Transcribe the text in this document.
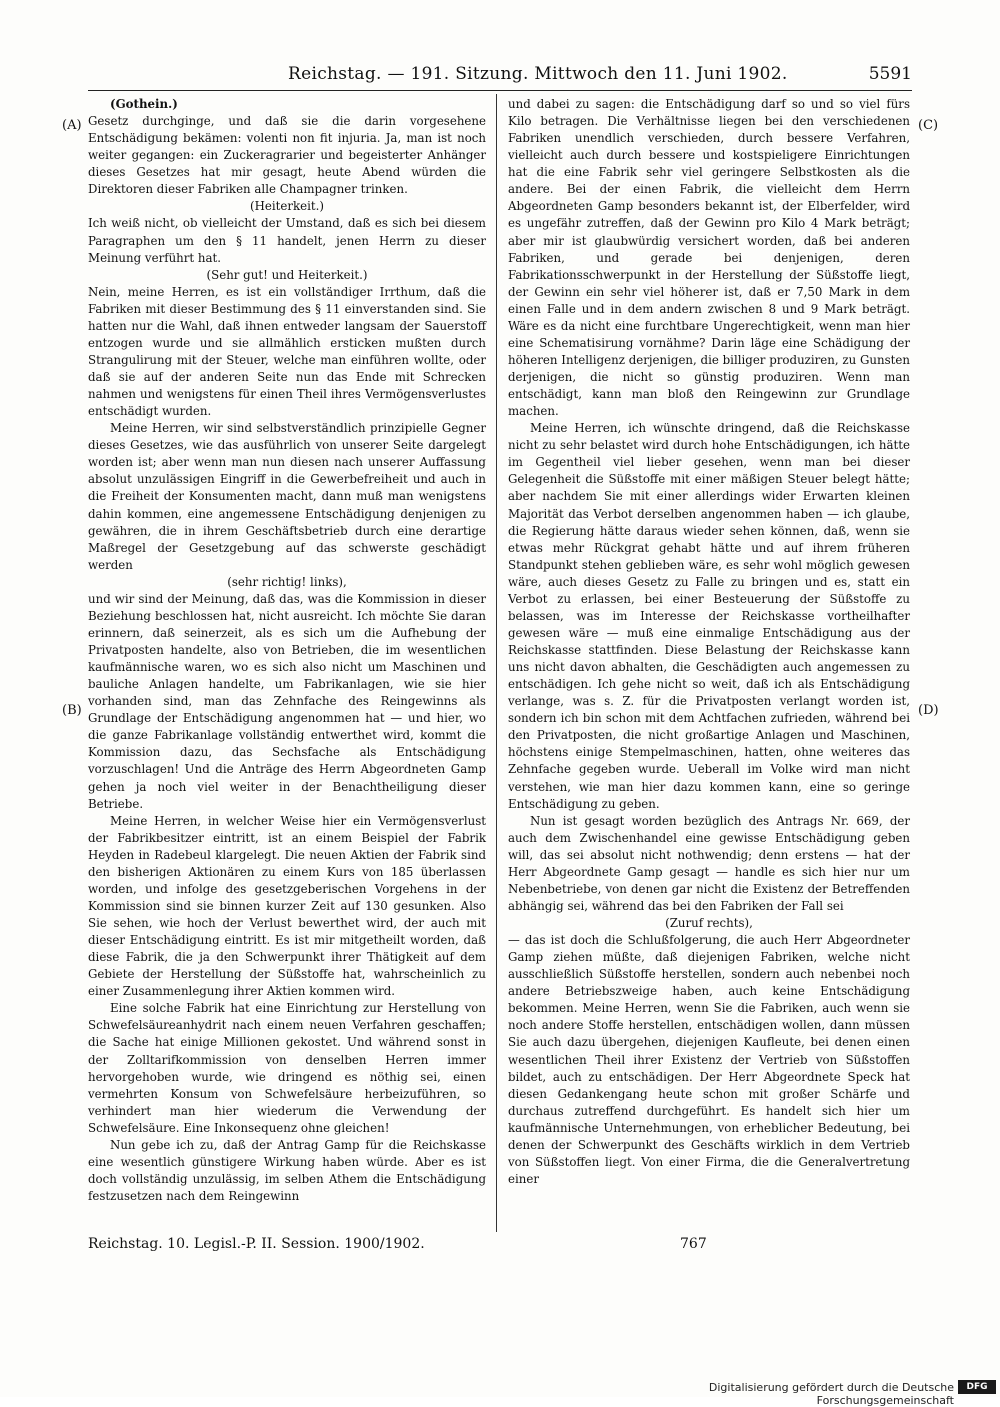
Reichstag. — 191. Sitzung. Mittwoch den 11. Juni 1902.	5591
(A)
(B)
(C)
(D)

(Gothein.)

Gesetz durchginge, und daß sie die darin vorgesehene Entschädigung bekämen: volenti non fit injuria. Ja, man ist noch weiter gegangen: ein Zuckeragrarier und begeisterter Anhänger dieses Gesetzes hat mir gesagt, heute Abend würden die Direktoren dieser Fabriken alle Champagner trinken.

(Heiterkeit.)

Ich weiß nicht, ob vielleicht der Umstand, daß es sich bei diesem Paragraphen um den § 11 handelt, jenen Herrn zu dieser Meinung verführt hat.

(Sehr gut! und Heiterkeit.)

Nein, meine Herren, es ist ein vollständiger Irrthum, daß die Fabriken mit dieser Bestimmung des § 11 einverstanden sind. Sie hatten nur die Wahl, daß ihnen entweder langsam der Sauerstoff entzogen wurde und sie allmählich ersticken mußten durch Strangulirung mit der Steuer, welche man einführen wollte, oder daß sie auf der anderen Seite nun das Ende mit Schrecken nahmen und wenigstens für einen Theil ihres Vermögensverlustes entschädigt wurden.

Meine Herren, wir sind selbstverständlich prinzipielle Gegner dieses Gesetzes, wie das ausführlich von unserer Seite dargelegt worden ist; aber wenn man nun diesen nach unserer Auffassung absolut unzulässigen Eingriff in die Gewerbefreiheit und auch in die Freiheit der Konsumenten macht, dann muß man wenigstens dahin kommen, eine angemessene Entschädigung denjenigen zu gewähren, die in ihrem Geschäftsbetrieb durch eine derartige Maßregel der Gesetzgebung auf das schwerste geschädigt werden

(sehr richtig! links),

und wir sind der Meinung, daß das, was die Kommission in dieser Beziehung beschlossen hat, nicht ausreicht. Ich möchte Sie daran erinnern, daß seinerzeit, als es sich um die Aufhebung der Privatposten handelte, also von Betrieben, die im wesentlichen kaufmännische waren, wo es sich also nicht um Maschinen und bauliche Anlagen handelte, um Fabrikanlagen, wie sie hier vorhanden sind, man das Zehnfache des Reingewinns als Grundlage der Entschädigung angenommen hat — und hier, wo die ganze Fabrikanlage vollständig entwerthet wird, kommt die Kommission dazu, das Sechsfache als Entschädigung vorzuschlagen! Und die Anträge des Herrn Abgeordneten Gamp gehen ja noch viel weiter in der Benachtheiligung dieser Betriebe.

Meine Herren, in welcher Weise hier ein Vermögensverlust der Fabrikbesitzer eintritt, ist an einem Beispiel der Fabrik Heyden in Radebeul klargelegt. Die neuen Aktien der Fabrik sind den bisherigen Aktionären zu einem Kurs von 185 überlassen worden, und infolge des gesetzgeberischen Vorgehens in der Kommission sind sie binnen kurzer Zeit auf 130 gesunken. Also Sie sehen, wie hoch der Verlust bewerthet wird, der auch mit dieser Entschädigung eintritt. Es ist mir mitgetheilt worden, daß diese Fabrik, die ja den Schwerpunkt ihrer Thätigkeit auf dem Gebiete der Herstellung der Süßstoffe hat, wahrscheinlich zu einer Zusammenlegung ihrer Aktien kommen wird.

Eine solche Fabrik hat eine Einrichtung zur Herstellung von Schwefelsäureanhydrit nach einem neuen Verfahren geschaffen; die Sache hat einige Millionen gekostet. Und während sonst in der Zolltarifkommission von denselben Herren immer hervorgehoben wurde, wie dringend es nöthig sei, einen vermehrten Konsum von Schwefelsäure herbeizuführen, so verhindert man hier wiederum die Verwendung der Schwefelsäure. Eine Inkonsequenz ohne gleichen!

Nun gebe ich zu, daß der Antrag Gamp für die Reichskasse eine wesentlich günstigere Wirkung haben würde. Aber es ist doch vollständig unzulässig, im selben Athem die Entschädigung festzusetzen nach dem Reingewinn

und dabei zu sagen: die Entschädigung darf so und so viel fürs Kilo betragen. Die Verhältnisse liegen bei den verschiedenen Fabriken unendlich verschieden, durch bessere Verfahren, vielleicht auch durch bessere und kostspieligere Einrichtungen hat die eine Fabrik sehr viel geringere Selbstkosten als die andere. Bei der einen Fabrik, die vielleicht dem Herrn Abgeordneten Gamp besonders bekannt ist, der Elberfelder, wird es ungefähr zutreffen, daß der Gewinn pro Kilo 4 Mark beträgt; aber mir ist glaubwürdig versichert worden, daß bei anderen Fabriken, und gerade bei denjenigen, deren Fabrikationsschwerpunkt in der Herstellung der Süßstoffe liegt, der Gewinn ein sehr viel höherer ist, daß er 7,50 Mark in dem einen Falle und in dem andern zwischen 8 und 9 Mark beträgt. Wäre es da nicht eine furchtbare Ungerechtigkeit, wenn man hier eine Schematisirung vornähme? Darin läge eine Schädigung der höheren Intelligenz derjenigen, die billiger produziren, zu Gunsten derjenigen, die nicht so günstig produziren. Wenn man entschädigt, kann man bloß den Reingewinn zur Grundlage machen.

Meine Herren, ich wünschte dringend, daß die Reichskasse nicht zu sehr belastet wird durch hohe Entschädigungen, ich hätte im Gegentheil viel lieber gesehen, wenn man bei dieser Gelegenheit die Süßstoffe mit einer mäßigen Steuer belegt hätte; aber nachdem Sie mit einer allerdings wider Erwarten kleinen Majorität das Verbot derselben angenommen haben — ich glaube, die Regierung hätte daraus wieder sehen können, daß, wenn sie etwas mehr Rückgrat gehabt hätte und auf ihrem früheren Standpunkt stehen geblieben wäre, es sehr wohl möglich gewesen wäre, auch dieses Gesetz zu Falle zu bringen und es, statt ein Verbot zu erlassen, bei einer Besteuerung der Süßstoffe zu belassen, was im Interesse der Reichskasse vortheilhafter gewesen wäre — muß eine einmalige Entschädigung aus der Reichskasse stattfinden. Diese Belastung der Reichskasse kann uns nicht davon abhalten, die Geschädigten auch angemessen zu entschädigen. Ich gehe nicht so weit, daß ich als Entschädigung verlange, was s. Z. für die Privatposten verlangt worden ist, sondern ich bin schon mit dem Achtfachen zufrieden, während bei den Privatposten, die nicht großartige Anlagen und Maschinen, höchstens einige Stempelmaschinen, hatten, ohne weiteres das Zehnfache gegeben wurde. Ueberall im Volke wird man nicht verstehen, wie man hier dazu kommen kann, eine so geringe Entschädigung zu geben.

Nun ist gesagt worden bezüglich des Antrags Nr. 669, der auch dem Zwischenhandel eine gewisse Entschädigung geben will, das sei absolut nicht nothwendig; denn erstens — hat der Herr Abgeordnete Gamp gesagt — handle es sich hier nur um Nebenbetriebe, von denen gar nicht die Existenz der Betreffenden abhängig sei, während das bei den Fabriken der Fall sei

(Zuruf rechts),

— das ist doch die Schlußfolgerung, die auch Herr Abgeordneter Gamp ziehen müßte, daß diejenigen Fabriken, welche nicht ausschließlich Süßstoffe herstellen, sondern auch nebenbei noch andere Betriebszweige haben, auch keine Entschädigung bekommen. Meine Herren, wenn Sie die Fabriken, auch wenn sie noch andere Stoffe herstellen, entschädigen wollen, dann müssen Sie auch dazu übergehen, diejenigen Kaufleute, bei denen einen wesentlichen Theil ihrer Existenz der Vertrieb von Süßstoffen bildet, auch zu entschädigen. Der Herr Abgeordnete Speck hat diesen Gedankengang heute schon mit großer Schärfe und durchaus zutreffend durchgeführt. Es handelt sich hier um kaufmännische Unternehmungen, von erheblicher Bedeutung, bei denen der Schwerpunkt des Geschäfts wirklich in dem Vertrieb von Süßstoffen liegt. Von einer Firma, die die Generalvertretung einer

Reichstag. 10. Legisl.-P. II. Session. 1900/1902.	767
Digitalisierung gefördert durch die Deutsche Forschungsgemeinschaft
DFG
